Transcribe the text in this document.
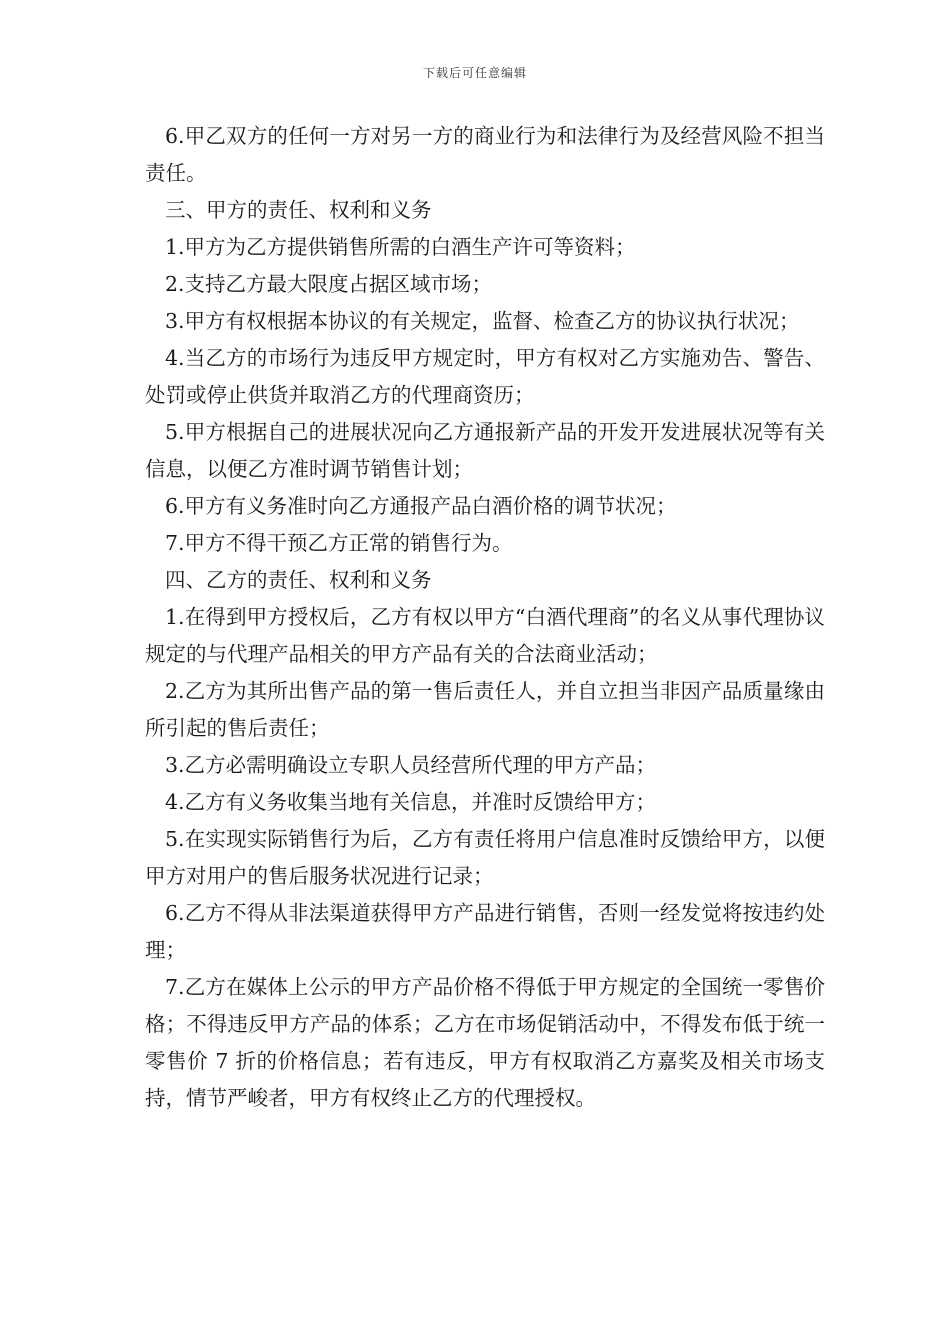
下载后可任意编辑

6.甲乙双方的任何一方对另一方的商业行为和法律行为及经营风险不担当责任。

三、甲方的责任、权利和义务

1.甲方为乙方提供销售所需的白酒生产许可等资料；

2.支持乙方最大限度占据区域市场；

3.甲方有权根据本协议的有关规定，监督、检查乙方的协议执行状况；

4.当乙方的市场行为违反甲方规定时，甲方有权对乙方实施劝告、警告、处罚或停止供货并取消乙方的代理商资历；

5.甲方根据自己的进展状况向乙方通报新产品的开发开发进展状况等有关信息，以便乙方准时调节销售计划；

6.甲方有义务准时向乙方通报产品白酒价格的调节状况；

7.甲方不得干预乙方正常的销售行为。

四、乙方的责任、权利和义务

1.在得到甲方授权后，乙方有权以甲方“白酒代理商”的名义从事代理协议规定的与代理产品相关的甲方产品有关的合法商业活动；

2.乙方为其所出售产品的第一售后责任人，并自立担当非因产品质量缘由所引起的售后责任；

3.乙方必需明确设立专职人员经营所代理的甲方产品；

4.乙方有义务收集当地有关信息，并准时反馈给甲方；

5.在实现实际销售行为后，乙方有责任将用户信息准时反馈给甲方，以便甲方对用户的售后服务状况进行记录；

6.乙方不得从非法渠道获得甲方产品进行销售，否则一经发觉将按违约处理；

7.乙方在媒体上公示的甲方产品价格不得低于甲方规定的全国统一零售价格；不得违反甲方产品的体系；乙方在市场促销活动中，不得发布低于统一零售价 7 折的价格信息；若有违反，甲方有权取消乙方嘉奖及相关市场支持，情节严峻者，甲方有权终止乙方的代理授权。
